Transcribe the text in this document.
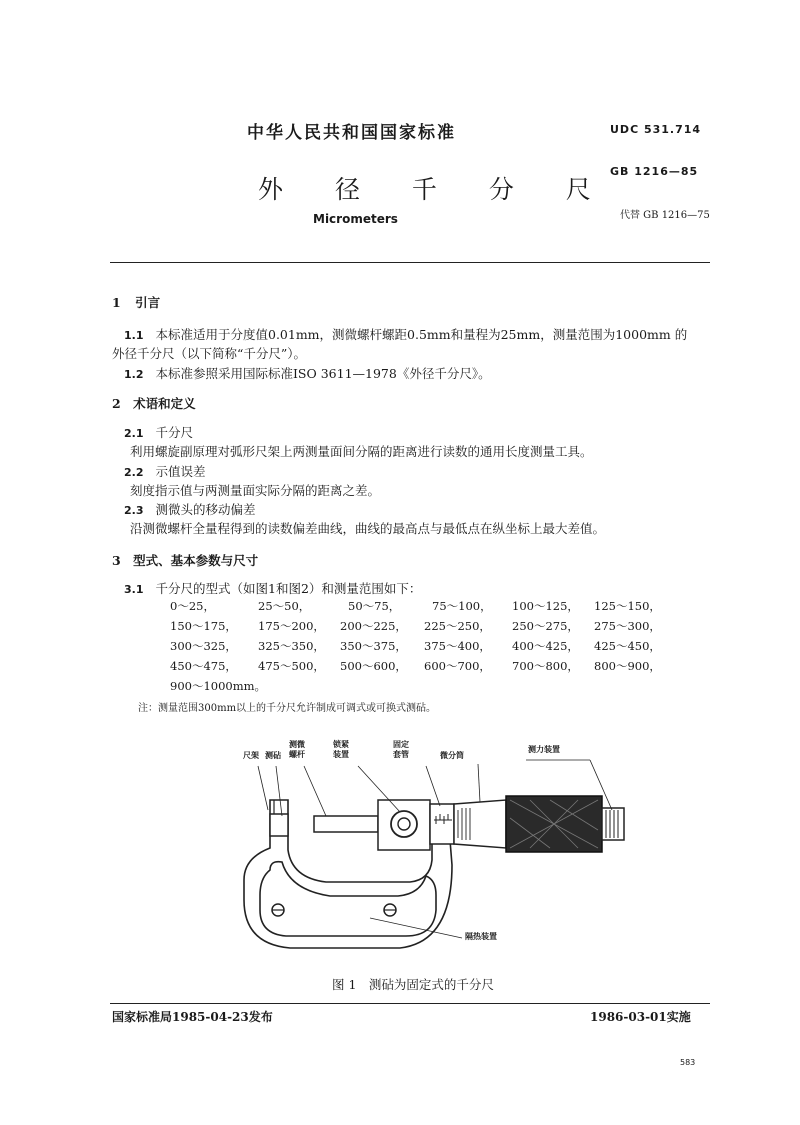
中华人民共和国国家标准
外 径 千 分 尺
Micrometers
UDC 531.714
GB 1216—85
代替 GB 1216—75
1 引言
1.1 本标准适用于分度值0.01mm，测微螺杆螺距0.5mm和量程为25mm，测量范围为1000mm 的
外径千分尺（以下简称“千分尺”）。
1.2 本标准参照采用国际标准ISO 3611—1978《外径千分尺》。
2 术语和定义
2.1 千分尺
利用螺旋副原理对弧形尺架上两测量面间分隔的距离进行读数的通用长度测量工具。
2.2 示值误差
刻度指示值与两测量面实际分隔的距离之差。
2.3 测微头的移动偏差
沿测微螺杆全量程得到的读数偏差曲线，曲线的最高点与最低点在纵坐标上最大差值。
3 型式、基本参数与尺寸
3.1 千分尺的型式（如图1和图2）和测量范围如下：
0～25，	25～50，	50～75，	75～100， 100～125， 125～150，
150～175， 175～200， 200～225， 225～250， 250～275， 275～300，
300～325， 325～350， 350～375， 375～400， 400～425， 425～450，
450～475， 475～500， 500～600， 600～700， 700～800， 800～900，
900～1000mm。
注：测量范围300mm以上的千分尺允许制成可调式或可换式测砧。
尺架 测砧
测微
螺杆
锁紧
装置
固定
套管	微分筒
测力装置
隔热装置
图 1　测砧为固定式的千分尺
国家标准局1985-04-23发布	1986-03-01实施
583
